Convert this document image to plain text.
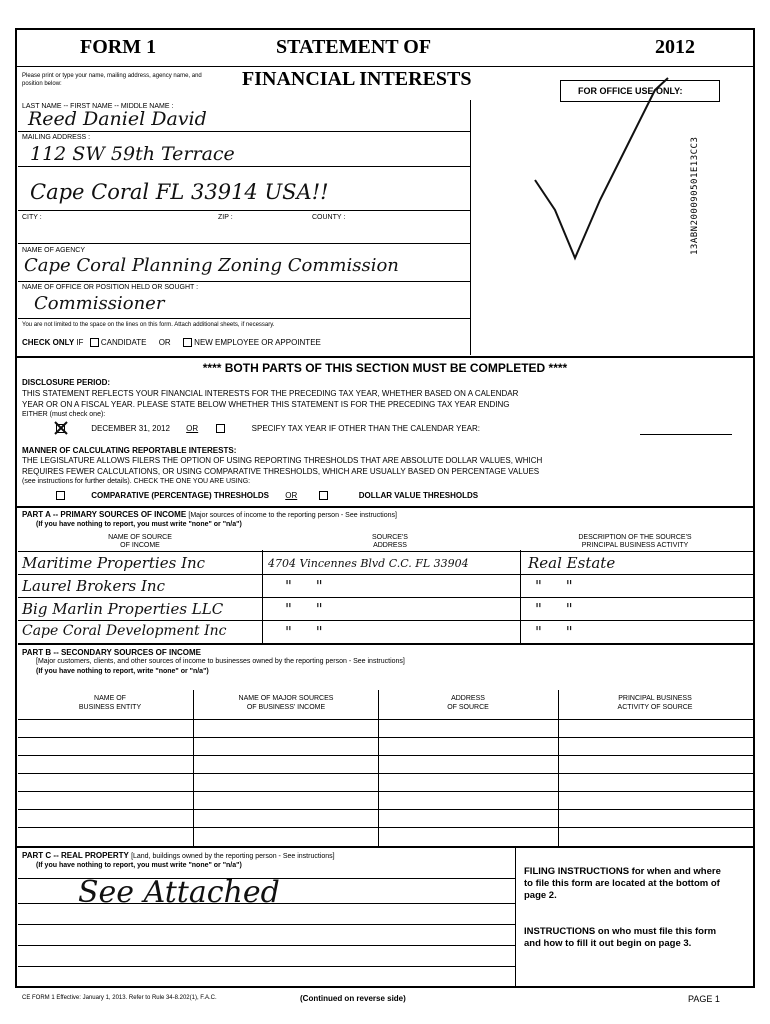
FORM 1	STATEMENT OF	2012
Please print or type your name, mailing address, agency name, and position below:	FINANCIAL INTERESTS
FOR OFFICE USE ONLY:
13ABN200090501E13CC3
LAST NAME -- FIRST NAME -- MIDDLE NAME :
Reed Daniel David
MAILING ADDRESS :
112 SW 59th Terrace
Cape Coral FL 33914 USA!!
CITY :	ZIP :	COUNTY :
NAME OF AGENCY
Cape Coral Planning Zoning Commission
NAME OF OFFICE OR POSITION HELD OR SOUGHT :
Commissioner
You are not limited to the space on the lines on this form. Attach additional sheets, if necessary.
CHECK ONLY IF CANDIDATE OR	NEW EMPLOYEE OR APPOINTEE
**** BOTH PARTS OF THIS SECTION MUST BE COMPLETED ****
DISCLOSURE PERIOD:
THIS STATEMENT REFLECTS YOUR FINANCIAL INTERESTS FOR THE PRECEDING TAX YEAR, WHETHER BASED ON A CALENDAR
YEAR OR ON A FISCAL YEAR. PLEASE STATE BELOW WHETHER THIS STATEMENT IS FOR THE PRECEDING TAX YEAR ENDING
EITHER (must check one):
DECEMBER 31, 2012 OR	SPECIFY TAX YEAR IF OTHER THAN THE CALENDAR YEAR:
MANNER OF CALCULATING REPORTABLE INTERESTS:
THE LEGISLATURE ALLOWS FILERS THE OPTION OF USING REPORTING THRESHOLDS THAT ARE ABSOLUTE DOLLAR VALUES, WHICH
REQUIRES FEWER CALCULATIONS, OR USING COMPARATIVE THRESHOLDS, WHICH ARE USUALLY BASED ON PERCENTAGE VALUES
(see instructions for further details). CHECK THE ONE YOU ARE USING:
COMPARATIVE (PERCENTAGE) THRESHOLDS OR	DOLLAR VALUE THRESHOLDS
PART A -- PRIMARY SOURCES OF INCOME [Major sources of income to the reporting person - See instructions]
(If you have nothing to report, you must write "none" or "n/a")
NAME OF SOURCE
OF INCOME
SOURCE'S
ADDRESS
DESCRIPTION OF THE SOURCE'S
PRINCIPAL BUSINESS ACTIVITY
Maritime Properties Inc	4704 Vincennes Blvd C.C. FL 33904	Real Estate
Laurel Brokers Inc	"     "	"     "
Big Marlin Properties LLC	"     "	"     "
Cape Coral Development Inc	"     "	"     "
PART B -- SECONDARY SOURCES OF INCOME
[Major customers, clients, and other sources of income to businesses owned by the reporting person - See instructions]
(If you have nothing to report, write "none" or "n/a")
NAME OF
BUSINESS ENTITY
NAME OF MAJOR SOURCES
OF BUSINESS' INCOME
ADDRESS
OF SOURCE
PRINCIPAL BUSINESS
ACTIVITY OF SOURCE
PART C -- REAL PROPERTY [Land, buildings owned by the reporting person - See instructions]
(If you have nothing to report, you must write "none" or "n/a")
See Attached
FILING INSTRUCTIONS for when and where to file this form are located at the bottom of page 2.
INSTRUCTIONS on who must file this form and how to fill it out begin on page 3.
CE FORM 1 Effective: January 1, 2013. Refer to Rule 34-8.202(1), F.A.C.	(Continued on reverse side)	PAGE 1
